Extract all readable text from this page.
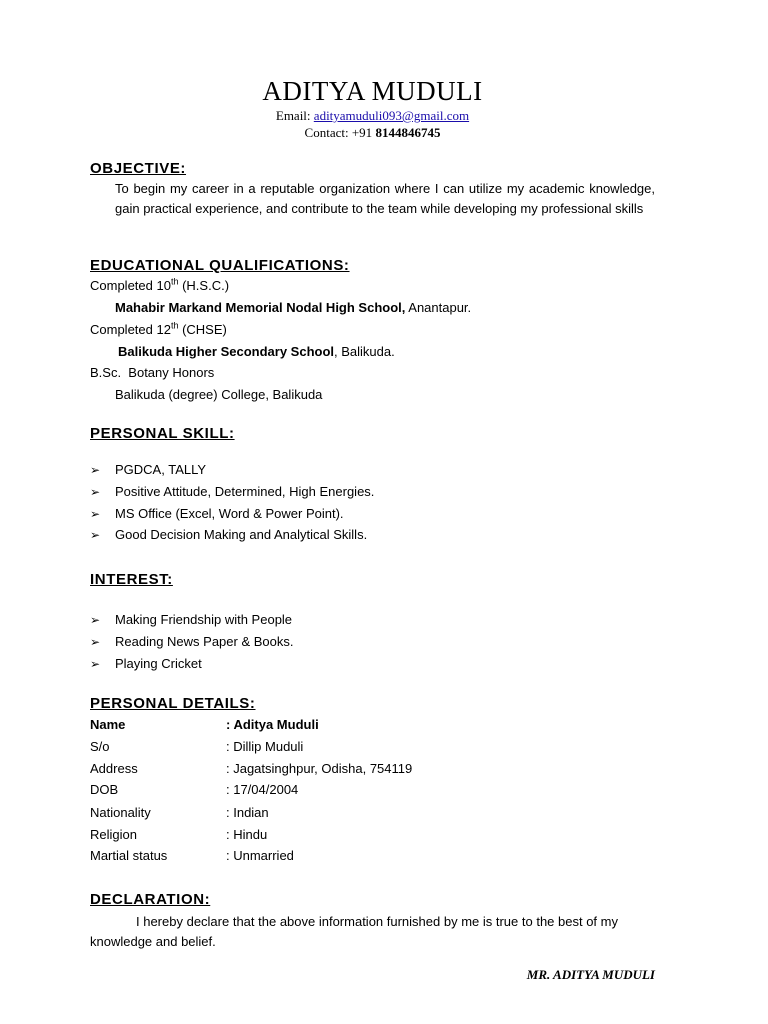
ADITYA MUDULI
Email: adityamuduli093@gmail.com
Contact: +91 8144846745
OBJECTIVE:
To begin my career in a reputable organization where I can utilize my academic knowledge, gain practical experience, and contribute to the team while developing my professional skills
EDUCATIONAL QUALIFICATIONS:
Completed 10th (H.S.C.)
Mahabir Markand Memorial Nodal High School, Anantapur.
Completed 12th (CHSE)
Balikuda Higher Secondary School, Balikuda.
B.Sc.  Botany Honors
Balikuda (degree) College, Balikuda
PERSONAL SKILL:
➢ PGDCA, TALLY
➢ Positive Attitude, Determined, High Energies.
➢ MS Office (Excel, Word & Power Point).
➢ Good Decision Making and Analytical Skills.
INTEREST:
➢ Making Friendship with People
➢ Reading News Paper & Books.
➢ Playing Cricket
PERSONAL DETAILS:
Name	: Aditya Muduli
S/o	: Dillip Muduli
Address	: Jagatsinghpur, Odisha, 754119
DOB	: 17/04/2004
Nationality	: Indian
Religion	: Hindu
Martial status	: Unmarried
DECLARATION:
I hereby declare that the above information furnished by me is true to the best of my knowledge and belief.
MR. ADITYA MUDULI
